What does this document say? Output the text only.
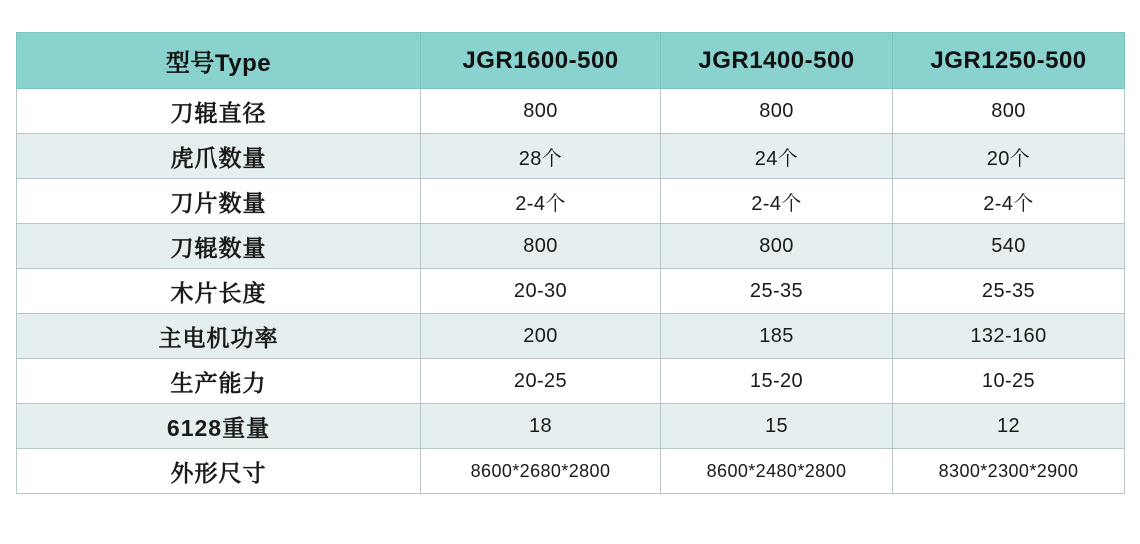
型号Type	JGR1600-500	JGR1400-500	JGR1250-500
刀辊直径	800	800	800
虎爪数量	28个	24个	20个
刀片数量	2-4个	2-4个	2-4个
刀辊数量	800	800	540
木片长度	20-30	25-35	25-35
主电机功率	200	185	132-160
生产能力	20-25	15-20	10-25
6128重量	18	15	12
外形尺寸	8600*2680*2800	8600*2480*2800	8300*2300*2900
